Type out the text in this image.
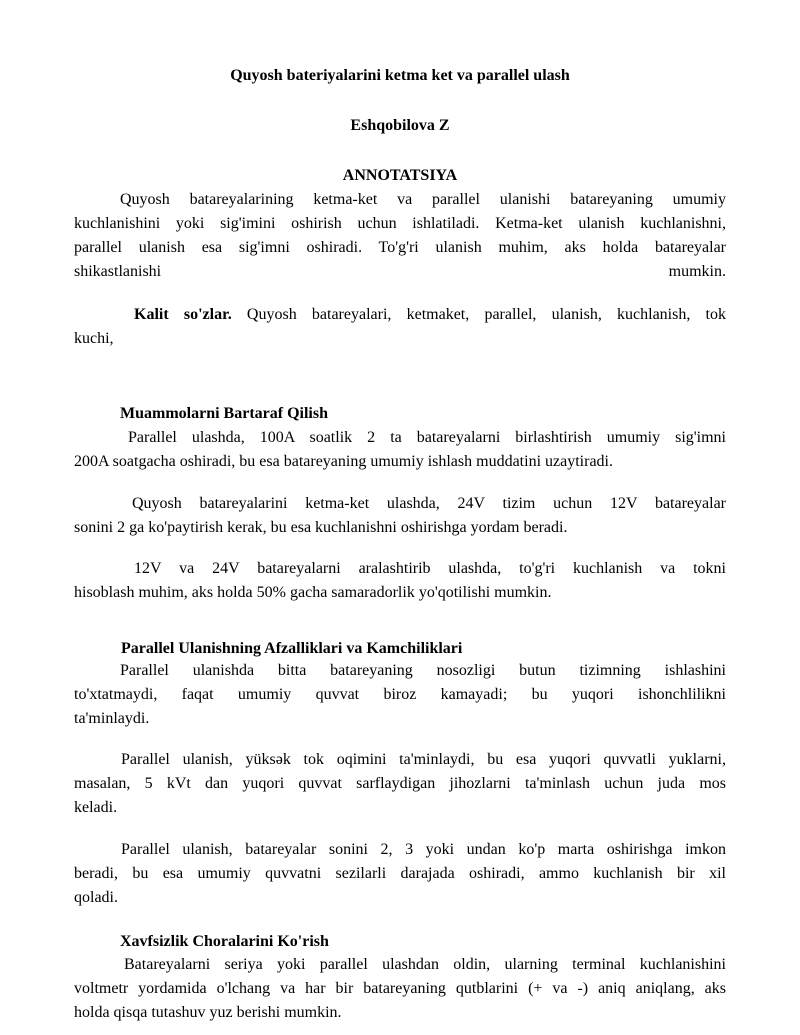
Quyosh bateriyalarini ketma ket va parallel ulash
Eshqobilova Z
ANNOTATSIYA
Quyosh batareyalarining ketma-ket va parallel ulanishi batareyaning umumiy
kuchlanishini yoki sig'imini oshirish uchun ishlatiladi. Ketma-ket ulanish kuchlanishni,
parallel ulanish esa sig'imni oshiradi. To'g'ri ulanish muhim, aks holda batareyalar
shikastlanishi	mumkin.
Kalit so'zlar. Quyosh batareyalari, ketmaket, parallel, ulanish, kuchlanish, tok
kuchi,
Muammolarni Bartaraf Qilish
Parallel ulashda, 100A soatlik 2 ta batareyalarni birlashtirish umumiy sig'imni
200A soatgacha oshiradi, bu esa batareyaning umumiy ishlash muddatini uzaytiradi.
Quyosh batareyalarini ketma-ket ulashda, 24V tizim uchun 12V batareyalar
sonini 2 ga ko'paytirish kerak, bu esa kuchlanishni oshirishga yordam beradi.
12V va 24V batareyalarni aralashtirib ulashda, to'g'ri kuchlanish va tokni
hisoblash muhim, aks holda 50% gacha samaradorlik yo'qotilishi mumkin.
Parallel Ulanishning Afzalliklari va Kamchiliklari
Parallel ulanishda bitta batareyaning nosozligi butun tizimning ishlashini
to'xtatmaydi, faqat umumiy quvvat biroz kamayadi; bu yuqori ishonchlilikni
ta'minlaydi.
Parallel ulanish, yüksək tok oqimini ta'minlaydi, bu esa yuqori quvvatli yuklarni,
masalan, 5 kVt dan yuqori quvvat sarflaydigan jihozlarni ta'minlash uchun juda mos
keladi.
Parallel ulanish, batareyalar sonini 2, 3 yoki undan ko'p marta oshirishga imkon
beradi, bu esa umumiy quvvatni sezilarli darajada oshiradi, ammo kuchlanish bir xil
qoladi.
Xavfsizlik Choralarini Ko'rish
Batareyalarni seriya yoki parallel ulashdan oldin, ularning terminal kuchlanishini
voltmetr yordamida o'lchang va har bir batareyaning qutblarini (+ va -) aniq aniqlang, aks
holda qisqa tutashuv yuz berishi mumkin.
